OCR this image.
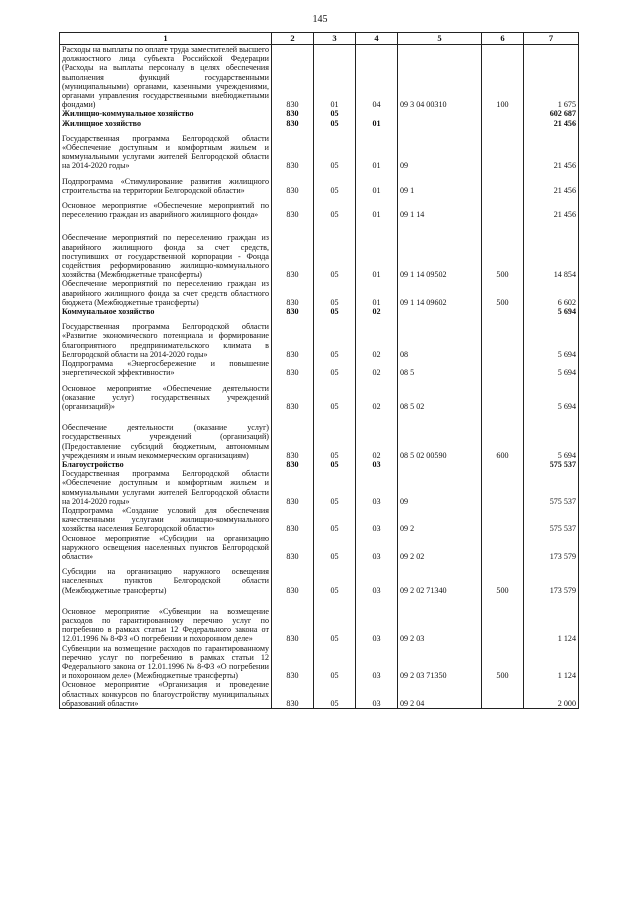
145
1	2	3	4	5	6	7
Расходы на выплаты по оплате труда заместителей высшего должностного лица субъекта Российской Федерации (Расходы на выплаты персоналу в целях обеспечения выполнения функций государственными (муниципальными) органами, казенными учреждениями, органами управления государственными внебюджетными фондами)	830	01	04	09 3 04 00310	100	1 675
Жилищно-коммунальное хозяйство	830	05				602 687
Жилищное хозяйство	830	05	01			21 456
Государственная программа Белгородской области «Обеспечение доступным и комфортным жильем и коммунальными услугами жителей Белгородской области на 2014-2020 годы»	830	05	01	09		21 456
Подпрограмма «Стимулирование развития жилищного строительства на территории Белгородской области»	830	05	01	09 1		21 456
Основное мероприятие «Обеспечение мероприятий по переселению граждан из аварийного жилищного фонда»	830	05	01	09 1 14		21 456
Обеспечение мероприятий по переселению граждан из аварийного жилищного фонда за счет средств, поступивших от государственной корпорации - Фонда содействия реформированию жилищно-коммунального хозяйства (Межбюджетные трансферты)	830	05	01	09 1 14 09502	500	14 854
Обеспечение мероприятий по переселению граждан из аварийного жилищного фонда за счет средств областного бюджета (Межбюджетные трансферты)	830	05	01	09 1 14 09602	500	6 602
Коммунальное хозяйство	830	05	02			5 694
Государственная программа Белгородской области «Развитие экономического потенциала и формирование благоприятного предпринимательского климата в Белгородской области на 2014-2020 годы»	830	05	02	08		5 694
Подпрограмма «Энергосбережение и повышение энергетической эффективности»	830	05	02	08 5		5 694
Основное мероприятие «Обеспечение деятельности (оказание услуг) государственных учреждений (организаций)»	830	05	02	08 5 02		5 694
Обеспечение деятельности (оказание услуг) государственных учреждений (организаций) (Предоставление субсидий бюджетным, автономным учреждениям и иным некоммерческим организациям)	830	05	02	08 5 02 00590	600	5 694
Благоустройство	830	05	03			575 537
Государственная программа Белгородской области «Обеспечение доступным и комфортным жильем и коммунальными услугами жителей Белгородской области на 2014-2020 годы»	830	05	03	09		575 537
Подпрограмма «Создание условий для обеспечения качественными услугами жилищно-коммунального хозяйства населения Белгородской области»	830	05	03	09 2		575 537
Основное мероприятие «Субсидии на организацию наружного освещения населенных пунктов Белгородской области»	830	05	03	09 2 02		173 579
Субсидии на организацию наружного освещения населенных пунктов Белгородской области (Межбюджетные трансферты)	830	05	03	09 2 02 71340	500	173 579
Основное мероприятие «Субвенции на возмещение расходов по гарантированному перечню услуг по погребению в рамках статьи 12 Федерального закона от 12.01.1996 № 8-ФЗ «О погребении и похоронном деле»	830	05	03	09 2 03		1 124
Субвенции на возмещение расходов по гарантированному перечню услуг по погребению в рамках статьи 12 Федерального закона от 12.01.1996 № 8-ФЗ «О погребении и похоронном деле» (Межбюджетные трансферты)	830	05	03	09 2 03 71350	500	1 124
Основное мероприятие «Организация и проведение областных конкурсов по благоустройству муниципальных образований области»	830	05	03	09 2 04		2 000
